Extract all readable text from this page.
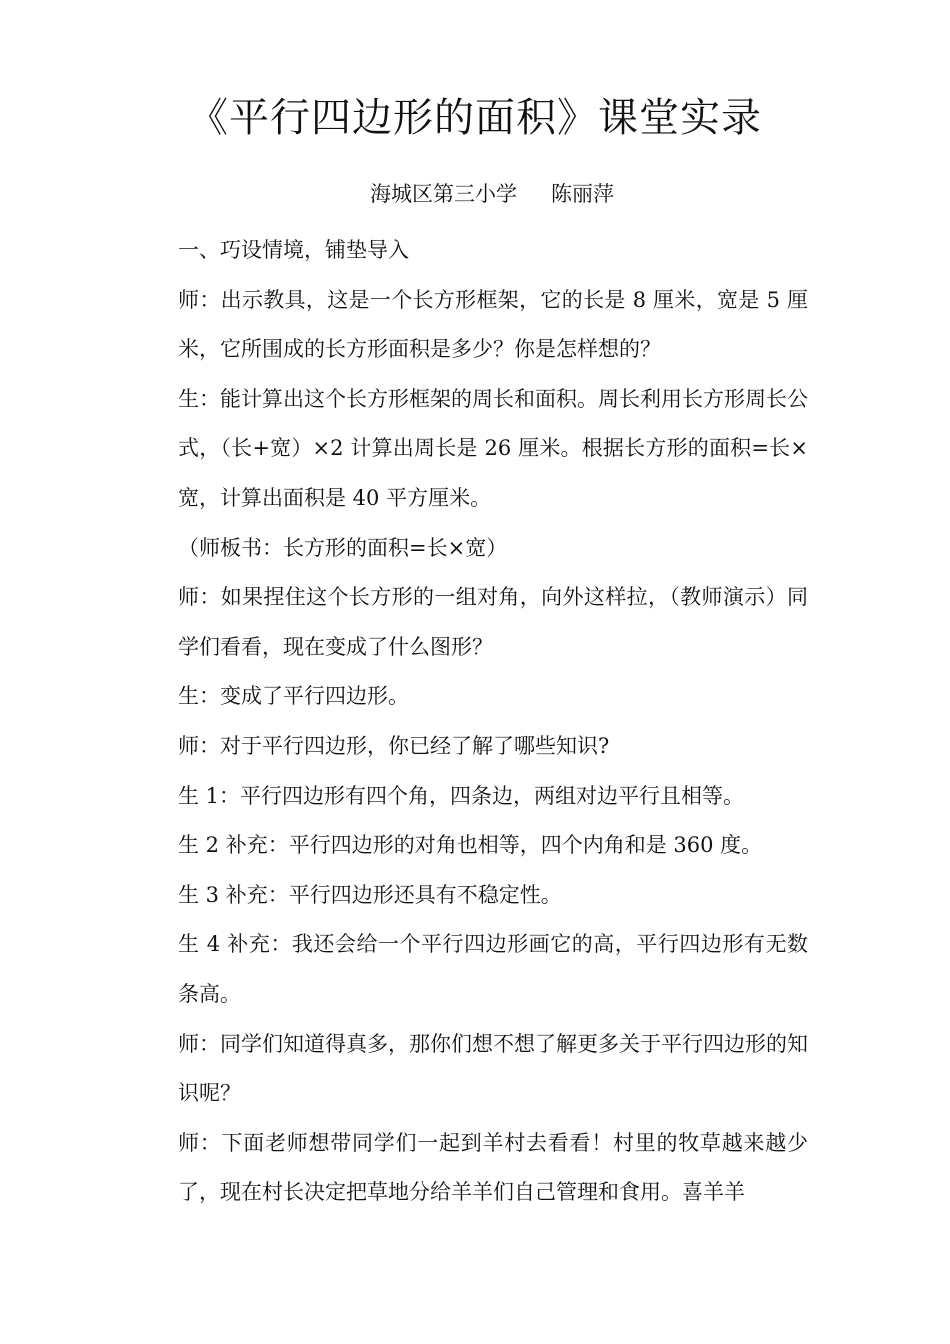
《平行四边形的面积》课堂实录
海城区第三小学 陈丽萍

一、巧设情境，铺垫导入

师：出示教具，这是一个长方形框架，它的长是 8 厘米，宽是 5 厘米，它所围成的长方形面积是多少？你是怎样想的？

生：能计算出这个长方形框架的周长和面积。周长利用长方形周长公式，（长+宽）×2 计算出周长是 26 厘米。根据长方形的面积=长×宽，计算出面积是 40 平方厘米。

（师板书：长方形的面积=长×宽）

师：如果捏住这个长方形的一组对角，向外这样拉，（教师演示）同学们看看，现在变成了什么图形？

生：变成了平行四边形。

师：对于平行四边形，你已经了解了哪些知识?

生 1：平行四边形有四个角，四条边，两组对边平行且相等。

生 2 补充：平行四边形的对角也相等，四个内角和是 360 度。

生 3 补充：平行四边形还具有不稳定性。

生 4 补充：我还会给一个平行四边形画它的高，平行四边形有无数条高。

师：同学们知道得真多，那你们想不想了解更多关于平行四边形的知识呢？

师：下面老师想带同学们一起到羊村去看看！村里的牧草越来越少了，现在村长决定把草地分给羊羊们自己管理和食用。喜羊羊
